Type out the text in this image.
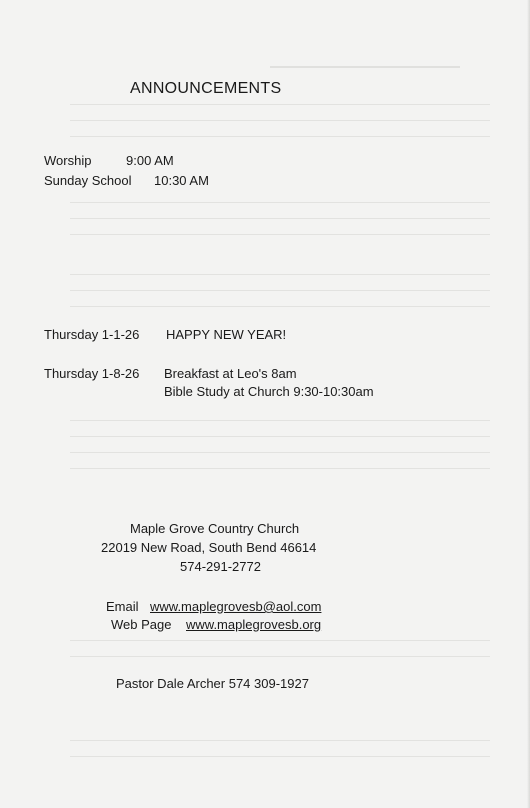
ANNOUNCEMENTS
Worship	9:00 AM
Sunday School 10:30 AM
Thursday 1-1-26 HAPPY NEW YEAR!
Thursday 1-8-26 Breakfast at Leo's 8am
Bible Study at Church 9:30-10:30am
Maple Grove Country Church
22019 New Road, South Bend 46614
574-291-2772
Email www.maplegrovesb@aol.com
Web Page www.maplegrovesb.org
Pastor Dale Archer 574 309-1927
